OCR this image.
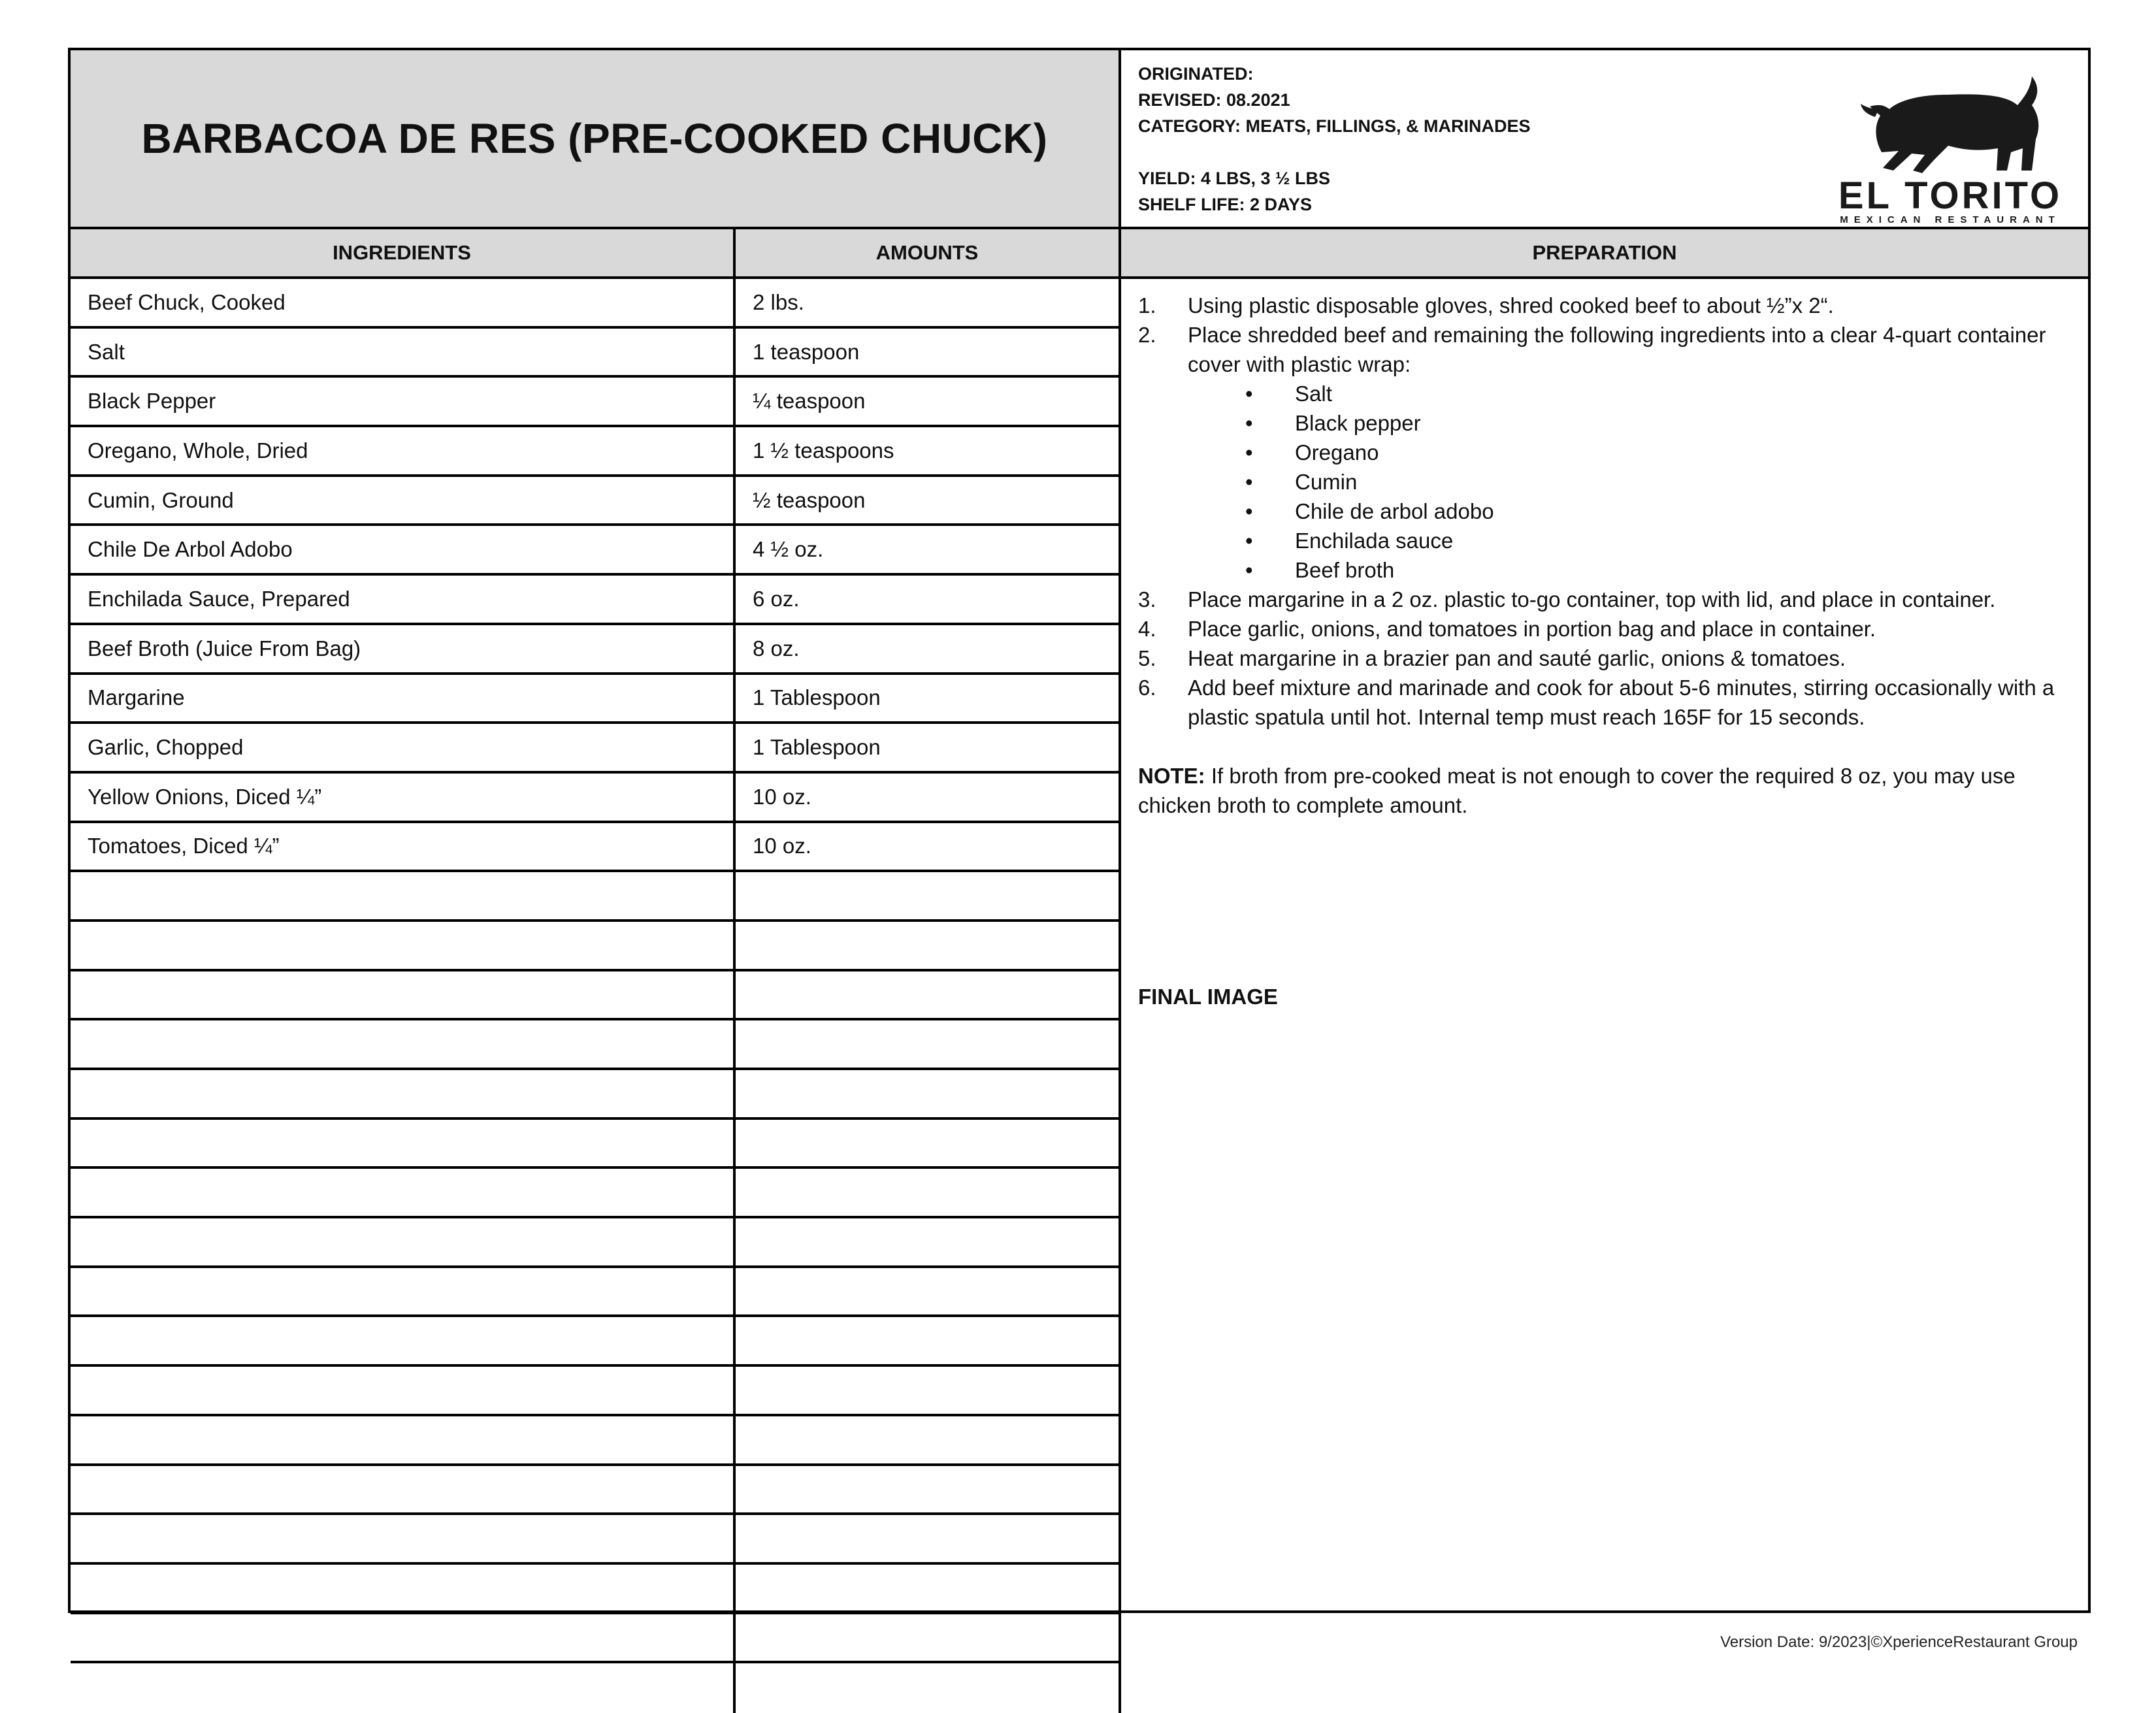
BARBACOA DE RES (PRE-COOKED CHUCK)
ORIGINATED:
REVISED: 08.2021
CATEGORY: MEATS, FILLINGS, & MARINADES
YIELD: 4 LBS, 3 ½ LBS
SHELF LIFE: 2 DAYS	EL TORITO
MEXICAN RESTAURANT
INGREDIENTS	AMOUNTS	PREPARATION
Beef Chuck, Cooked	2 lbs.
Salt	1 teaspoon
Black Pepper	¼ teaspoon
Oregano, Whole, Dried	1 ½ teaspoons
Cumin, Ground	½ teaspoon
Chile De Arbol Adobo	4 ½ oz.
Enchilada Sauce, Prepared	6 oz.
Beef Broth (Juice From Bag)	8 oz.
Margarine	1 Tablespoon
Garlic, Chopped	1 Tablespoon
Yellow Onions, Diced ¼”	10 oz.
Tomatoes, Diced ¼”	10 oz.
1. Using plastic disposable gloves, shred cooked beef to about ½”x 2“.
2. Place shredded beef and remaining the following ingredients into a clear 4-quart container cover with plastic wrap:
• Salt
• Black pepper
• Oregano
• Cumin
• Chile de arbol adobo
• Enchilada sauce
• Beef broth
3. Place margarine in a 2 oz. plastic to-go container, top with lid, and place in container.
4. Place garlic, onions, and tomatoes in portion bag and place in container.
5. Heat margarine in a brazier pan and sauté garlic, onions & tomatoes.
6. Add beef mixture and marinade and cook for about 5-6 minutes, stirring occasionally with a plastic spatula until hot. Internal temp must reach 165F for 15 seconds.
NOTE: If broth from pre-cooked meat is not enough to cover the required 8 oz, you may use chicken broth to complete amount.
FINAL IMAGE
Version Date: 9/2023|©XperienceRestaurant Group
